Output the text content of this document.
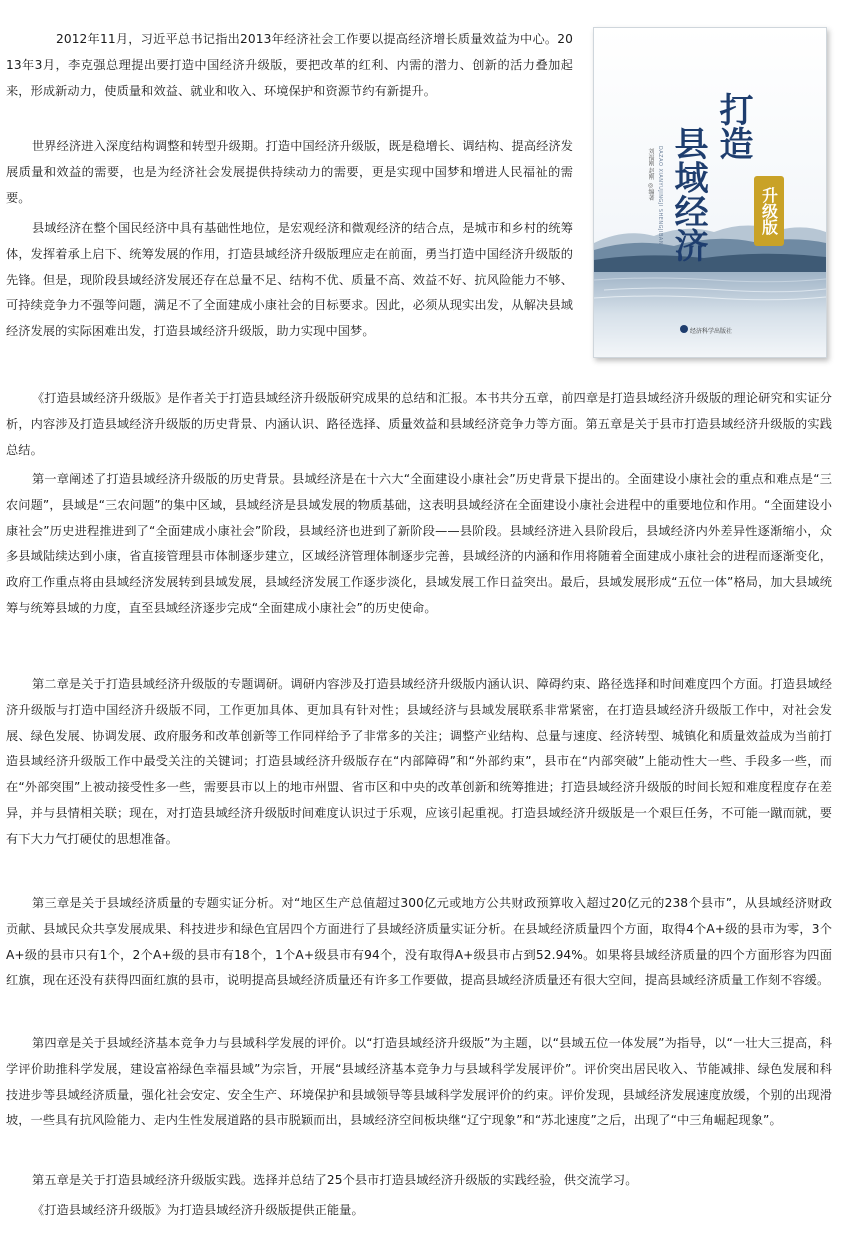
2012年11月，习近平总书记指出2013年经济社会工作要以提高经济增长质量效益为中心。2013年3月，李克强总理提出要打造中国经济升级版，要把改革的红利、内需的潜力、创新的活力叠加起来，形成新动力，使质量和效益、就业和收入、环境保护和资源节约有新提升。

世界经济进入深度结构调整和转型升级期。打造中国经济升级版，既是稳增长、调结构、提高经济发展质量和效益的需要，也是为经济社会发展提供持续动力的需要，更是实现中国梦和增进人民福祉的需要。

县域经济在整个国民经济中具有基础性地位，是宏观经济和微观经济的结合点，是城市和乡村的统筹体，发挥着承上启下、统筹发展的作用，打造县域经济升级版理应走在前面，勇当打造中国经济升级版的先锋。但是，现阶段县域经济发展还存在总量不足、结构不优、质量不高、效益不好、抗风险能力不够、可持续竞争力不强等问题，满足不了全面建成小康社会的目标要求。因此，必须从现实出发，从解决县域经济发展的实际困难出发，打造县域经济升级版，助力实现中国梦。

《打造县域经济升级版》是作者关于打造县域经济升级版研究成果的总结和汇报。本书共分五章，前四章是打造县域经济升级版的理论研究和实证分析，内容涉及打造县域经济升级版的历史背景、内涵认识、路径选择、质量效益和县域经济竞争力等方面。第五章是关于县市打造县域经济升级版的实践总结。

第一章阐述了打造县域经济升级版的历史背景。县域经济是在十六大“全面建设小康社会”历史背景下提出的。全面建设小康社会的重点和难点是“三农问题”，县域是“三农问题”的集中区域，县域经济是县域发展的物质基础，这表明县域经济在全面建设小康社会进程中的重要地位和作用。“全面建设小康社会”历史进程推进到了“全面建成小康社会”阶段，县域经济也进到了新阶段——县阶段。县域经济进入县阶段后，县域经济内外差异性逐渐缩小，众多县域陆续达到小康，省直接管理县市体制逐步建立，区域经济管理体制逐步完善，县域经济的内涵和作用将随着全面建成小康社会的进程而逐渐变化，政府工作重点将由县域经济发展转到县域发展，县域经济发展工作逐步淡化，县域发展工作日益突出。最后，县域发展形成“五位一体”格局，加大县域统筹与统筹县域的力度，直至县域经济逐步完成“全面建成小康社会”的历史使命。

第二章是关于打造县域经济升级版的专题调研。调研内容涉及打造县域经济升级版内涵认识、障碍约束、路径选择和时间难度四个方面。打造县域经济升级版与打造中国经济升级版不同，工作更加具体、更加具有针对性；县域经济与县域发展联系非常紧密，在打造县域经济升级版工作中，对社会发展、绿色发展、协调发展、政府服务和改革创新等工作同样给予了非常多的关注；调整产业结构、总量与速度、经济转型、城镇化和质量效益成为当前打造县域经济升级版工作中最受关注的关键词；打造县域经济升级版存在“内部障碍”和“外部约束”，县市在“内部突破”上能动性大一些、手段多一些，而在“外部突围”上被动接受性多一些，需要县市以上的地市州盟、省市区和中央的改革创新和统筹推进；打造县域经济升级版的时间长短和难度程度存在差异，并与县情相关联；现在，对打造县域经济升级版时间难度认识过于乐观，应该引起重视。打造县域经济升级版是一个艰巨任务，不可能一蹴而就，要有下大力气打硬仗的思想准备。

第三章是关于县域经济质量的专题实证分析。对“地区生产总值超过300亿元或地方公共财政预算收入超过20亿元的238个县市”，从县域经济财政贡献、县域民众共享发展成果、科技进步和绿色宜居四个方面进行了县域经济质量实证分析。在县域经济质量四个方面，取得4个A+级的县市为零，3个A+级的县市只有1个，2个A+级的县市有18个，1个A+级县市有94个，没有取得A+级县市占到52.94%。如果将县域经济质量的四个方面形容为四面红旗，现在还没有获得四面红旗的县市，说明提高县域经济质量还有许多工作要做，提高县域经济质量还有很大空间，提高县域经济质量工作刻不容缓。

第四章是关于县域经济基本竞争力与县域科学发展的评价。以“打造县域经济升级版”为主题，以“县域五位一体发展”为指导，以“一壮大三提高，科学评价助推科学发展，建设富裕绿色幸福县域”为宗旨，开展“县域经济基本竞争力与县域科学发展评价”。评价突出居民收入、节能减排、绿色发展和科技进步等县域经济质量，强化社会安定、安全生产、环境保护和县域领导等县域科学发展评价的约束。评价发现，县域经济发展速度放缓，个别的出现滑坡，一些具有抗风险能力、走内生性发展道路的县市脱颖而出，县域经济空间板块继“辽宁现象”和“苏北速度”之后，出现了“中三角崛起现象”。

第五章是关于打造县域经济升级版实践。选择并总结了25个县市打造县域经济升级版的实践经验，供交流学习。

《打造县域经济升级版》为打造县域经济升级版提供正能量。

打造
县域经济	升级版
DAZAO XIANYUJINGJI SHENGJIBAN
刘福刚 赵刚 ◎编著
经济科学出版社
